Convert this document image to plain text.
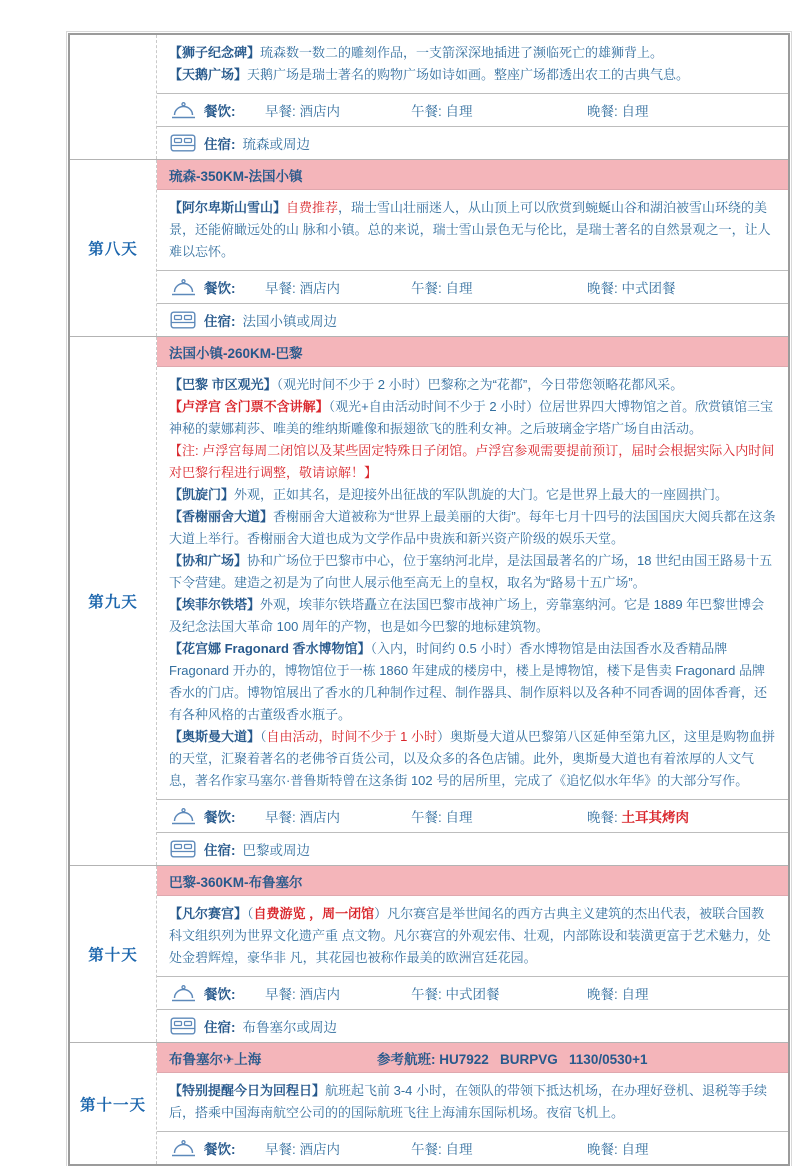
【狮子纪念碑】琉森数一数二的雕刻作品，一支箭深深地插进了濒临死亡的雄狮背上。

【天鹅广场】天鹅广场是瑞士著名的购物广场如诗如画。整座广场都透出农工的古典气息。

餐饮: 早餐: 酒店内	午餐: 自理	晚餐: 自理
住宿: 琉森或周边
第八天
琉森-350KM-法国小镇

【阿尔卑斯山雪山】自费推荐，瑞士雪山壮丽迷人，从山顶上可以欣赏到蜿蜒山谷和湖泊被雪山环绕的美景，还能俯瞰远处的山 脉和小镇。总的来说，瑞士雪山景色无与伦比，是瑞士著名的自然景观之一，让人难以忘怀。

餐饮: 早餐: 酒店内	午餐: 自理	晚餐: 中式团餐
住宿: 法国小镇或周边
第九天
法国小镇-260KM-巴黎

【巴黎 市区观光】（观光时间不少于 2 小时）巴黎称之为“花都”，今日带您领略花都风采。

【卢浮宫 含门票不含讲解】（观光+自由活动时间不少于 2 小时）位居世界四大博物馆之首。欣赏镇馆三宝　神秘的蒙娜莉莎、唯美的维纳斯雕像和振翅欲飞的胜利女神。之后玻璃金字塔广场自由活动。

【注: 卢浮宫每周二闭馆以及某些固定特殊日子闭馆。卢浮宫参观需要提前预订，届时会根据实际入内时间对巴黎行程进行调整，敬请谅解！】

【凯旋门】外观，正如其名，是迎接外出征战的军队凯旋的大门。它是世界上最大的一座圆拱门。

【香榭丽舍大道】香榭丽舍大道被称为“世界上最美丽的大街”。每年七月十四号的法国国庆大阅兵都在这条大道上举行。香榭丽舍大道也成为文学作品中贵族和新兴资产阶级的娱乐天堂。

【协和广场】协和广场位于巴黎市中心，位于塞纳河北岸，是法国最著名的广场，18 世纪由国王路易十五下令营建。建造之初是为了向世人展示他至高无上的皇权，取名为“路易十五广场”。

【埃菲尔铁塔】外观，埃菲尔铁塔矗立在法国巴黎市战神广场上，旁靠塞纳河。它是 1889 年巴黎世博会及纪念法国大革命 100 周年的产物，也是如今巴黎的地标建筑物。

【花宫娜 Fragonard 香水博物馆】（入内，时间约 0.5 小时）香水博物馆是由法国香水及香精品牌 Fragonard 开办的，博物馆位于一栋 1860 年建成的楼房中，楼上是博物馆，楼下是售卖 Fragonard 品牌香水的门店。博物馆展出了香水的几种制作过程、制作器具、制作原料以及各种不同香调的固体香膏，还有各种风格的古董级香水瓶子。

【奥斯曼大道】（自由活动，时间不少于 1 小时）奥斯曼大道从巴黎第八区延伸至第九区，这里是购物血拼的天堂，汇聚着著名的老佛爷百货公司，以及众多的各色店铺。此外，奥斯曼大道也有着浓厚的人文气息，著名作家马塞尔·普鲁斯特曾在这条街 102 号的居所里，完成了《追忆似水年华》的大部分写作。

餐饮: 早餐: 酒店内	午餐: 自理	晚餐: 土耳其烤肉
住宿: 巴黎或周边
第十天
巴黎-360KM-布鲁塞尔

【凡尔赛宫】（自费游览 ，周一闭馆）凡尔赛宫是举世闻名的西方古典主义建筑的杰出代表，被联合国教科文组织列为世界文化遗产重 点文物。凡尔赛宫的外观宏伟、壮观，内部陈设和装潢更富于艺术魅力，处处金碧辉煌，豪华非 凡，其花园也被称作最美的欧洲宫廷花园。

餐饮: 早餐: 酒店内	午餐: 中式团餐	晚餐: 自理
住宿: 布鲁塞尔或周边
第十一天
布鲁塞尔✈上海	参考航班: HU7922   BURPVG   1130/0530+1

【特别提醒今日为回程日】航班起飞前 3-4 小时，在领队的带领下抵达机场，在办理好登机、退税等手续后，搭乘中国海南航空公司的的国际航班飞往上海浦东国际机场。夜宿飞机上。

餐饮: 早餐: 酒店内	午餐: 自理	晚餐: 自理
